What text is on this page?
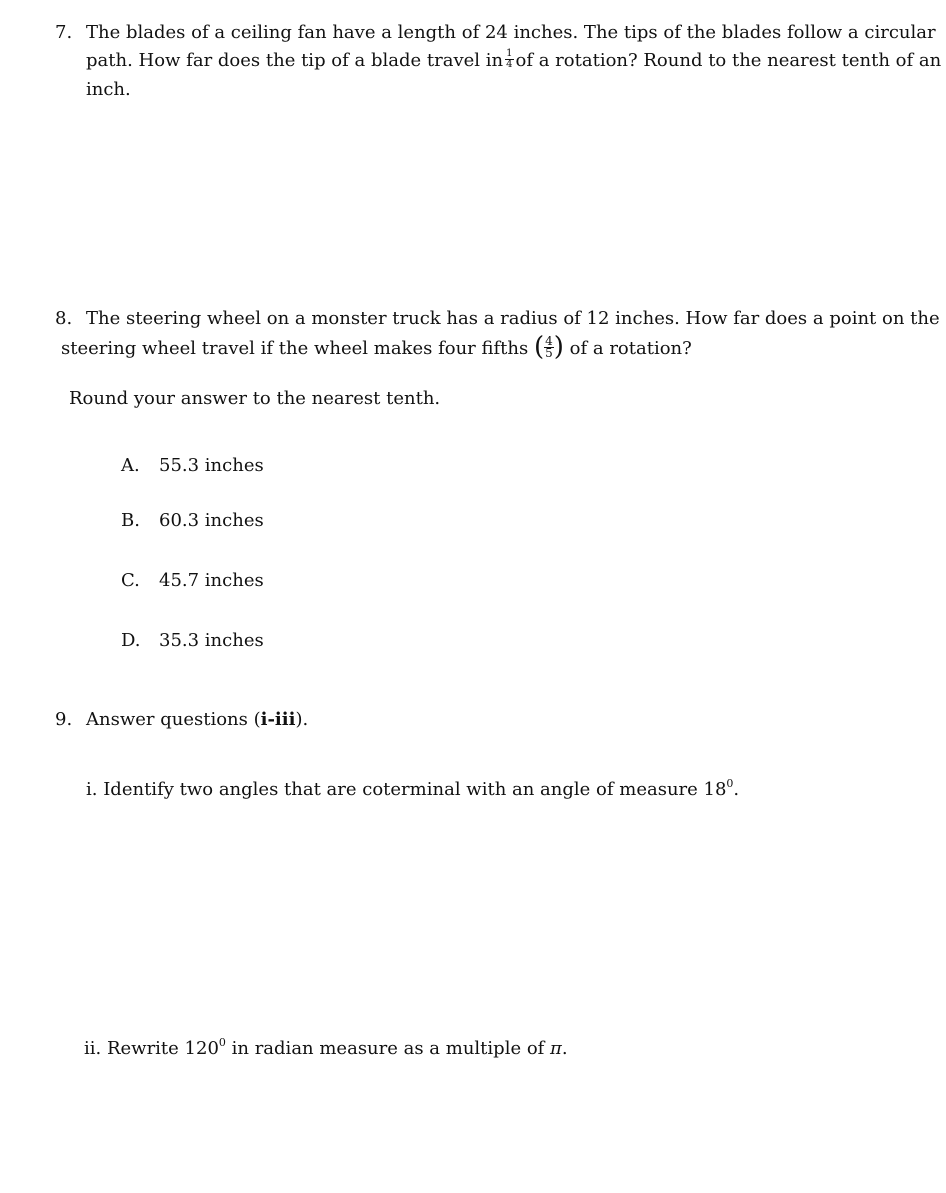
7. The blades of a ceiling fan have a length of 24 inches. The tips of the blades follow a circular
path. How far does the tip of a blade travel in $\frac{1}{4}$ of a rotation? Round to the nearest tenth of an
inch.
8. The steering wheel on a monster truck has a radius of 12 inches. How far does a point on the
steering wheel travel if the wheel makes four fifths ( $\frac{4}{5}$ ) of a rotation?
Round your answer to the nearest tenth.
A. 55.3 inches
B. 60.3 inches
C. 45.7 inches
D. 35.3 inches
9. Answer questions (i-iii).
i. Identify two angles that are coterminal with an angle of measure $18^0$.
ii. Rewrite $120^0$ in radian measure as a multiple of π.
